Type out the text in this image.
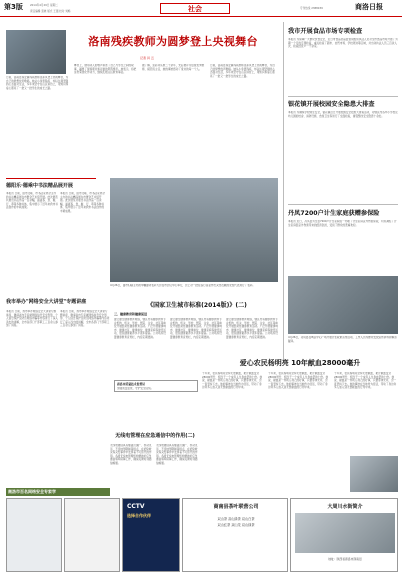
第3版	2014年4月29日 星期二
责任编辑 张晓 版式 王强 校对 刘畅	社会	专刊热线 2388039	商洛日报
洛南残疾教师为圆梦登上央视舞台
记者 肖 云
日前，洛南县保安镇残疾教师张彩凤登上央视舞台，为自己的梦想放声歌唱。她从小身患残疾，却以乐观坚强的心态面对生活，多年来坚守在山区讲台上，用知识和爱心照亮了一批又一批学生的成长之路。
舞台上，她用动人的歌声讲述了自己与学生之间的故事，赢得了现场观众和评委的阵阵掌声。她表示，将把这份荣誉化作动力，继续扎根山区教育事业。
据了解，张彩凤从教二十余年，先后被评为县级优秀教师、模范班主任，她的事迹感动了身边的每一个人。
日前，洛南县保安镇残疾教师张彩凤登上央视舞台，为自己的梦想放声歌唱。她从小身患残疾，却以乐观坚强的心态面对生活，多年来坚守在山区讲台上，用知识和爱心照亮了一批又一批学生的成长之路。
德阳乐·德乘中书法精品展开展
本报讯 日前，由市文联、市书法家协会主办的书法精品展在市群众艺术馆开展。此次展览共展出书法作品一百余幅，涵盖篆、隶、楷、行、草等多种书体，集中展示了近年来我市书法创作的丰硕成果。
本报讯 日前，由市文联、市书法家协会主办的书法精品展在市群众艺术馆开展。此次展览共展出书法作品一百余幅，涵盖篆、隶、楷、行、草等多种书体，集中展示了近年来我市书法创作的丰硕成果。
4月26日，由市妇联主办的巾帼建功表彰大会在市会议中心举行，会上对一批在各行各业作出突出贡献的女性代表进行了表彰。
我市举办"网络安全大讲堂"专题讲座
本报讯 日前，我市举办网络安全大讲堂专题讲座，邀请省内专家就网络信息安全形势、个人信息保护及防范网络诈骗等内容进行了深入浅出的讲解，全市各部门干部职工三百余人参加了讲座。
本报讯 日前，我市举办网络安全大讲堂专题讲座，邀请省内专家就网络信息安全形势、个人信息保护及防范网络诈骗等内容进行了深入浅出的讲解，全市各部门干部职工三百余人参加了讲座。
《国家卫生城市标准(2014版)》(二)
三、健康教育和健康促进
建立健全健康教育网络，辖区内有健康教育专业机构，机关、学校、医院、企业、社区等单位开展经常性健康教育活动。广泛开展健康城市、健康社区、健康单位、健康家庭等建设活动，居民健康素养水平逐年提高。公共场所设置健康教育宣传栏，内容定期更换。
建立健全健康教育网络，辖区内有健康教育专业机构，机关、学校、医院、企业、社区等单位开展经常性健康教育活动。广泛开展健康城市、健康社区、健康单位、健康家庭等建设活动，居民健康素养水平逐年提高。公共场所设置健康教育宣传栏，内容定期更换。
建立健全健康教育网络，辖区内有健康教育专业机构，机关、学校、医院、企业、社区等单位开展经常性健康教育活动。广泛开展健康城市、健康社区、健康单位、健康家庭等建设活动，居民健康素养水平逐年提高。公共场所设置健康教育宣传栏，内容定期更换。
我市开展食品市场专项检查
本报讯 为保障广大群众饮食安全，近日市食品药品监管局组织执法人员对全市食品市场开展了为期一个月的专项检查，重点检查了超市、农贸市场、学校周边等区域，共出动执法人员三百余人次，检查经营户一千余家。
银花镇开展校园安全隐患大排查
本报讯 为确保学校师生安全，银花镇近日开展校园安全隐患大排查活动，对辖区内各中小学校及幼儿园的校舍、消防设施、食堂卫生等进行了全面检查，督促整改安全隐患十余处。
丹凤7200户计生家庭获赠参保险
本报讯 近日，丹凤县为全县7200户计生家庭统一办理了计生家庭意外伤害保险，切实减轻了计生家庭因意外伤害带来的经济负担，受到了群众的普遍欢迎。
4月26日，丹凤县在城区中心广场开展计生政策宣传活动，工作人员为群众发放宣传资料并解答疑问。
爱心农民杨明亮 10年献血28000毫升
十年来，农民杨明亮坚持无偿献血，累计献血量达28000毫升，相当于一个成年人全身血量的七倍。他说，献血是一件利人利己的好事，只要身体允许，会一直坚持下去。他的事迹在当地传为佳话，带动了身边许多人加入到无偿献血的行列中来。
十年来，农民杨明亮坚持无偿献血，累计献血量达28000毫升，相当于一个成年人全身血量的七倍。他说，献血是一件利人利己的好事，只要身体允许，会一直坚持下去。他的事迹在当地传为佳话，带动了身边许多人加入到无偿献血的行列中来。
十年来，农民杨明亮坚持无偿献血，累计献血量达28000毫升，相当于一个成年人全身血量的七倍。他说，献血是一件利人利己的好事，只要身体允许，会一直坚持下去。他的事迹在当地传为佳话，带动了身边许多人加入到无偿献血的行列中来。
商洛市质量技术监督局
加强质量监管，守护安全底线。
无线电管理在应急通信中的作用(二)
无线电通信具有覆盖范围广、机动灵活、不受地形限制等特点，在抢险救灾等突发事件中发挥着不可替代的作用。各级无线电管理机构要做好应急通信频率保障工作，确保关键时刻通信畅通。
无线电通信具有覆盖范围广、机动灵活、不受地形限制等特点，在抢险救灾等突发事件中发挥着不可替代的作用。各级无线电管理机构要做好应急通信频率保障工作，确保关键时刻通信畅通。
商洛市百名网络安全专家学
CCTV
选择合作伙伴
商南县茶叶联营公司
双山茶 双山绿茶 双山白茶
双山红茶 双山龙 双山绿茶
大周川水街简介
地址：陕西省商洛市商南县
